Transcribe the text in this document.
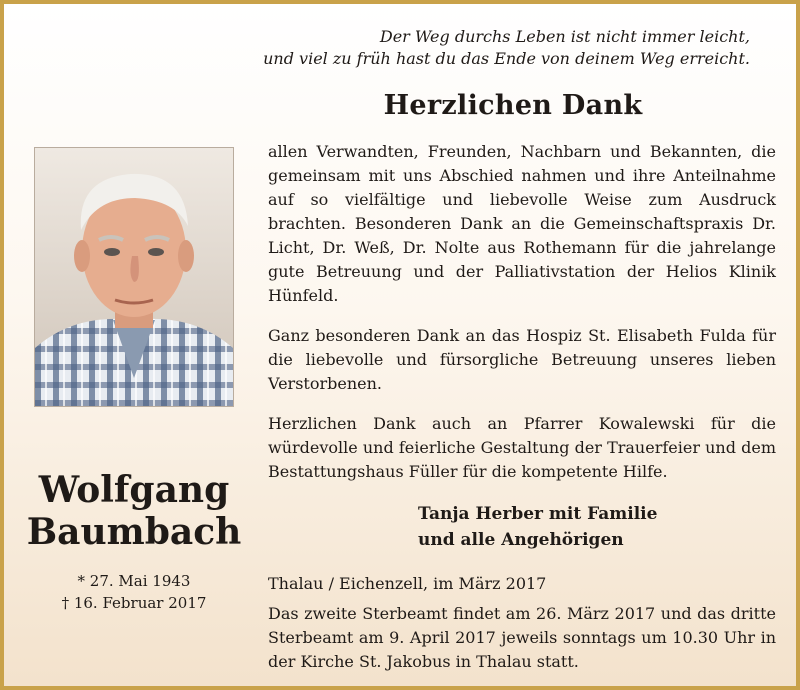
Der Weg durchs Leben ist nicht immer leicht,
und viel zu früh hast du das Ende von deinem Weg erreicht.
Herzlichen Dank
allen Verwandten, Freunden, Nachbarn und Bekannten, die gemeinsam mit uns Abschied nahmen und ihre Anteilnahme auf so vielfältige und liebevolle Weise zum Ausdruck brachten. Besonderen Dank an die Gemeinschaftspraxis Dr. Licht, Dr. Weß, Dr. Nolte aus Rothemann für die jahrelange gute Betreuung und der Palliativstation der Helios Klinik Hünfeld.
Ganz besonderen Dank an das Hospiz St. Elisabeth Fulda für die liebevolle und fürsorgliche Betreuung unseres lieben Verstorbenen.
Herzlichen Dank auch an Pfarrer Kowalewski für die würdevolle und feierliche Gestaltung der Trauerfeier und dem Bestattungshaus Füller für die kompetente Hilfe.
Tanja Herber mit Familie
und alle Angehörigen
Thalau / Eichenzell, im März 2017
Das zweite Sterbeamt findet am 26. März 2017 und das dritte Sterbeamt am 9. April 2017 jeweils sonntags um 10.30 Uhr in der Kirche St. Jakobus in Thalau statt.
Wolfgang
Baumbach
* 27. Mai 1943
† 16. Februar 2017
